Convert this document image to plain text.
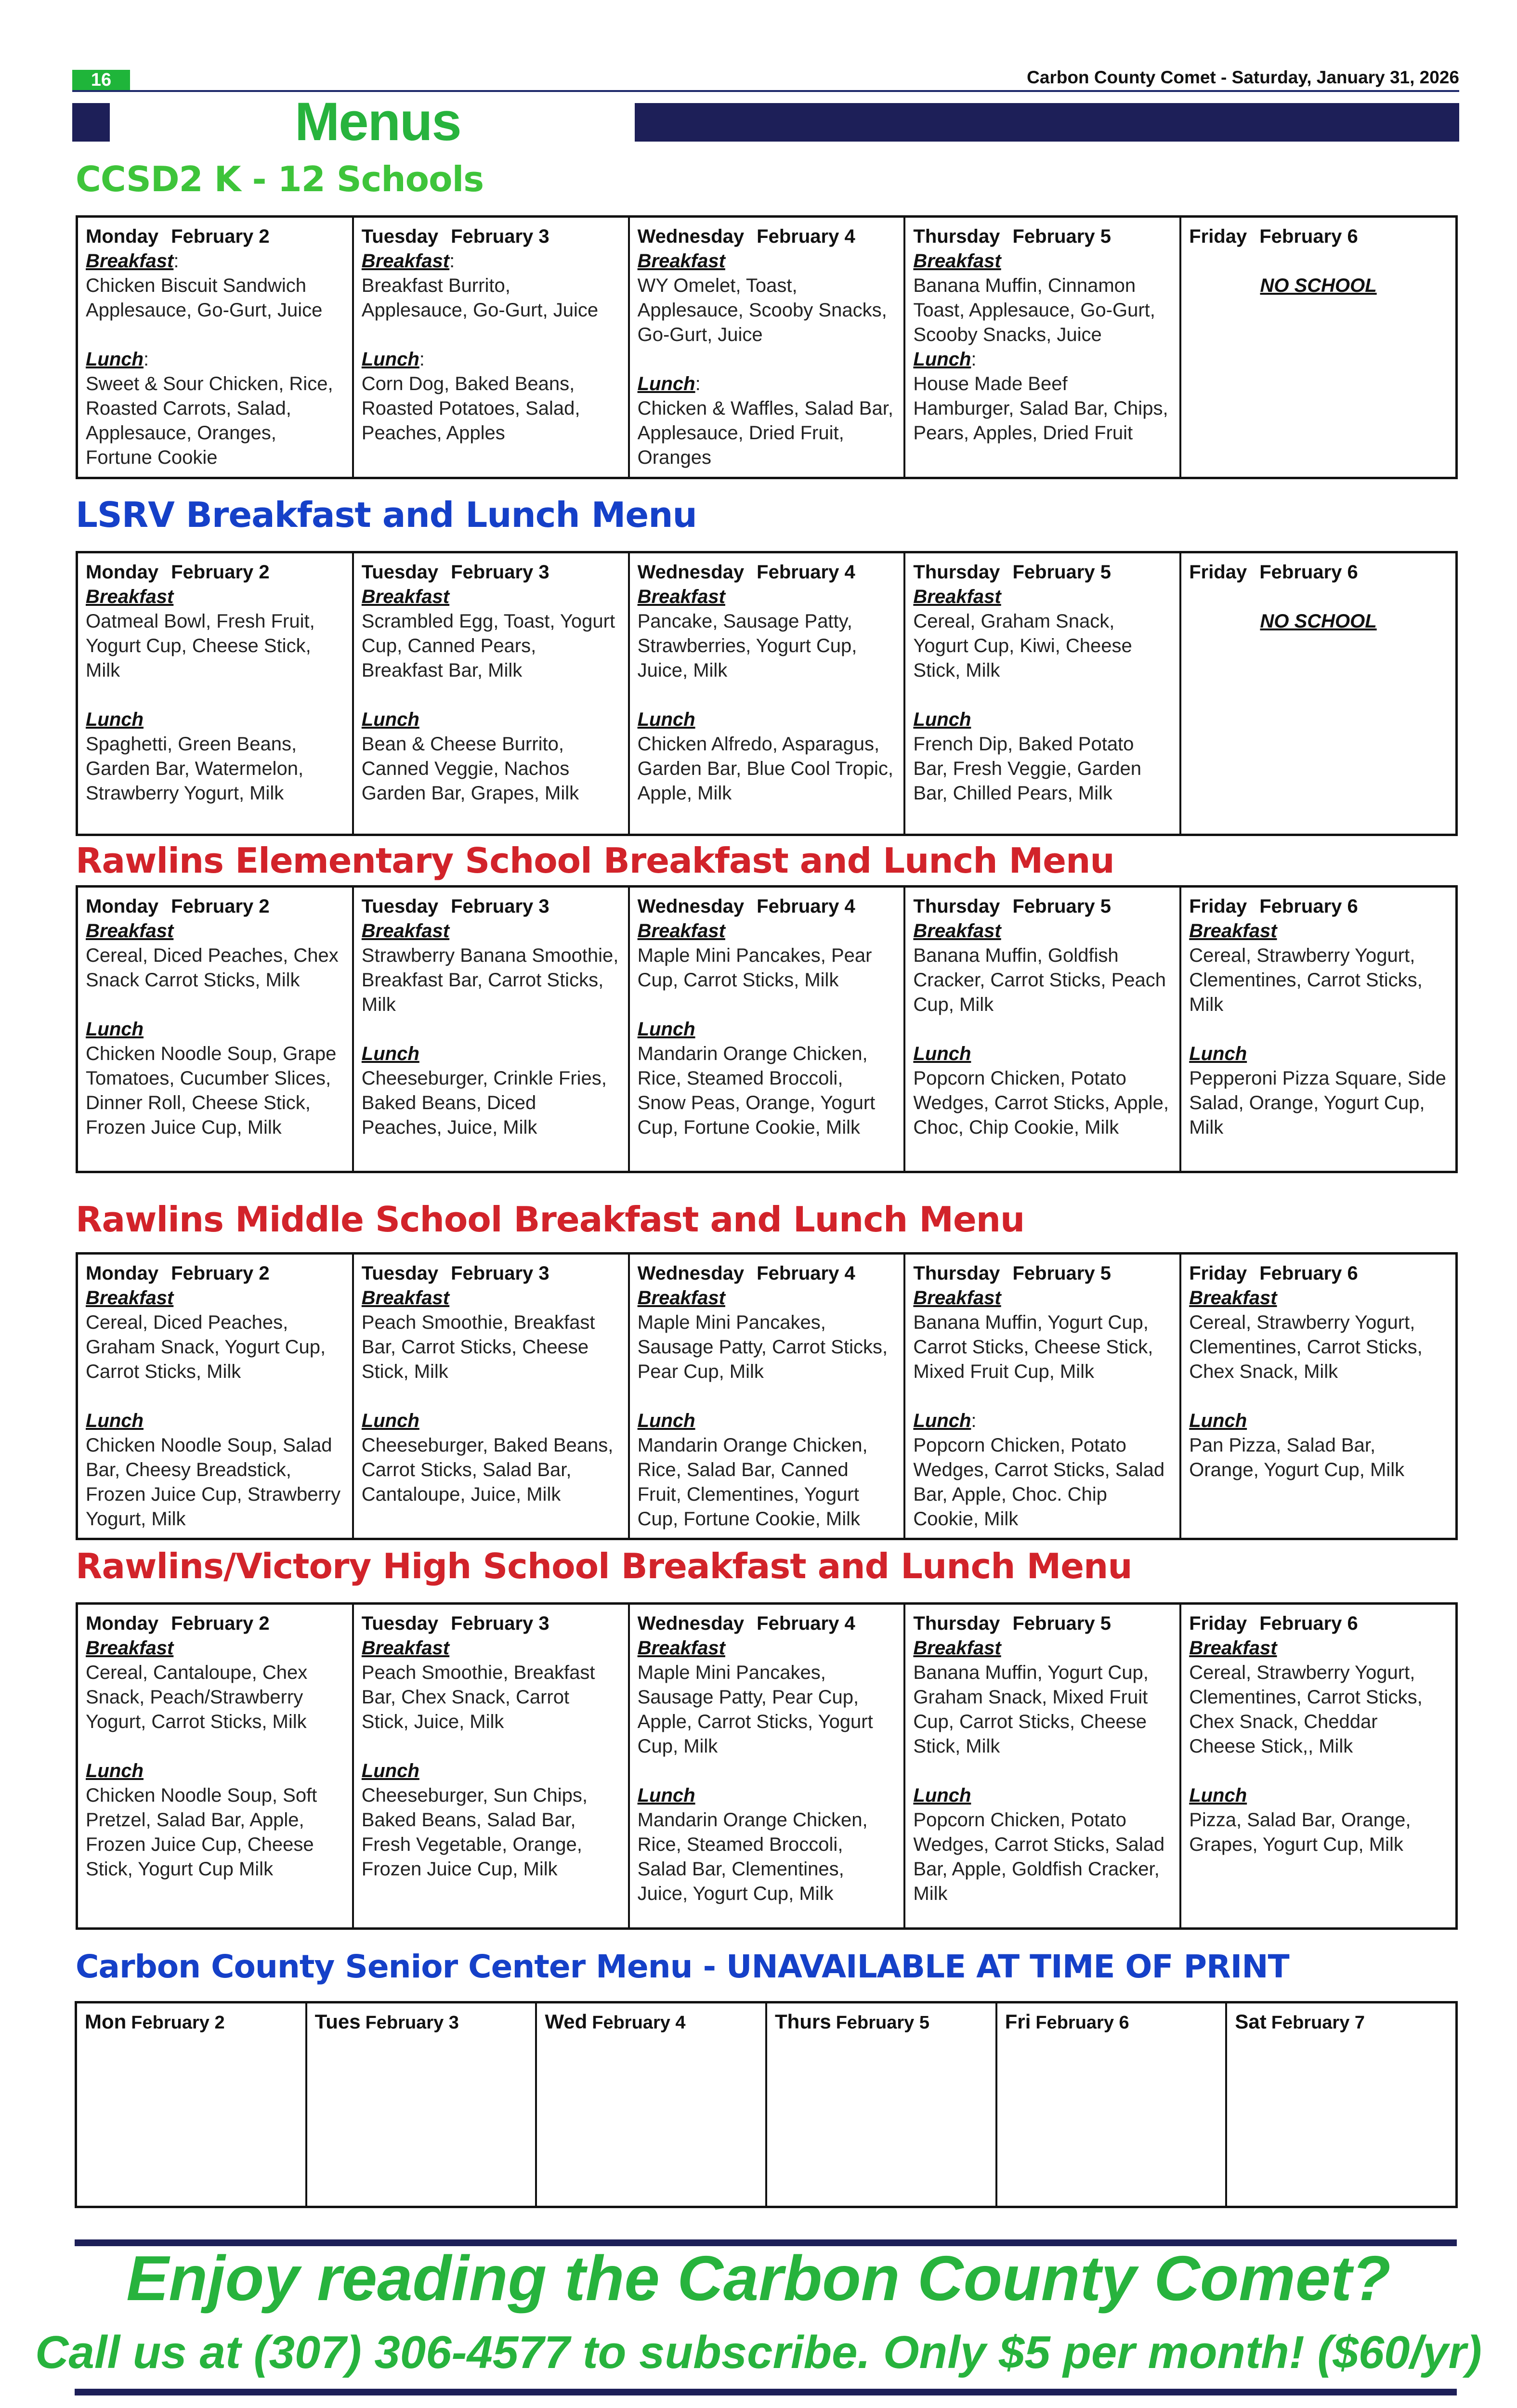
16	Carbon County Comet - Saturday, January 31, 2026
Menus
CCSD2 K - 12 Schools
Monday February 2
Breakfast:
Chicken Biscuit Sandwich Applesauce, Go-Gurt, Juice
Lunch:
Sweet & Sour Chicken, Rice, Roasted Carrots, Salad, Applesauce, Oranges, Fortune Cookie
Tuesday February 3
Breakfast:
Breakfast Burrito, Applesauce, Go-Gurt, Juice
Lunch:
Corn Dog, Baked Beans, Roasted Potatoes, Salad, Peaches, Apples
Wednesday February 4
Breakfast
WY Omelet, Toast, Applesauce, Scooby Snacks, Go-Gurt, Juice
Lunch:
Chicken & Waffles, Salad Bar, Applesauce, Dried Fruit, Oranges
Thursday February 5
Breakfast
Banana Muffin, Cinnamon Toast, Applesauce, Go-Gurt, Scooby Snacks, Juice
Lunch:
House Made Beef Hamburger, Salad Bar, Chips, Pears, Apples, Dried Fruit
Friday February 6
NO SCHOOL
LSRV Breakfast and Lunch Menu
Monday February 2
Breakfast
Oatmeal Bowl, Fresh Fruit, Yogurt Cup, Cheese Stick, Milk
Lunch
Spaghetti, Green Beans, Garden Bar, Watermelon, Strawberry Yogurt, Milk
Tuesday February 3
Breakfast
Scrambled Egg, Toast, Yogurt Cup, Canned Pears, Breakfast Bar, Milk
Lunch
Bean & Cheese Burrito, Canned Veggie, Nachos Garden Bar, Grapes, Milk
Wednesday February 4
Breakfast
Pancake, Sausage Patty, Strawberries, Yogurt Cup, Juice, Milk
Lunch
Chicken Alfredo, Asparagus, Garden Bar, Blue Cool Tropic, Apple, Milk
Thursday February 5
Breakfast
Cereal, Graham Snack, Yogurt Cup, Kiwi, Cheese Stick, Milk
Lunch
French Dip, Baked Potato Bar, Fresh Veggie, Garden Bar, Chilled Pears, Milk
Friday February 6
NO SCHOOL
Rawlins Elementary School Breakfast and Lunch Menu
Monday February 2
Breakfast
Cereal, Diced Peaches, Chex Snack Carrot Sticks, Milk
Lunch
Chicken Noodle Soup, Grape Tomatoes, Cucumber Slices, Dinner Roll, Cheese Stick, Frozen Juice Cup, Milk
Tuesday February 3
Breakfast
Strawberry Banana Smoothie, Breakfast Bar, Carrot Sticks, Milk
Lunch
Cheeseburger, Crinkle Fries, Baked Beans, Diced Peaches, Juice, Milk
Wednesday February 4
Breakfast
Maple Mini Pancakes, Pear Cup, Carrot Sticks, Milk
Lunch
Mandarin Orange Chicken, Rice, Steamed Broccoli, Snow Peas, Orange, Yogurt Cup, Fortune Cookie, Milk
Thursday February 5
Breakfast
Banana Muffin, Goldfish Cracker, Carrot Sticks, Peach Cup, Milk
Lunch
Popcorn Chicken, Potato Wedges, Carrot Sticks, Apple, Choc, Chip Cookie, Milk
Friday February 6
Breakfast
Cereal, Strawberry Yogurt, Clementines, Carrot Sticks, Milk
Lunch
Pepperoni Pizza Square, Side Salad, Orange, Yogurt Cup, Milk
Rawlins Middle School Breakfast and Lunch Menu
Monday February 2
Breakfast
Cereal, Diced Peaches, Graham Snack, Yogurt Cup, Carrot Sticks, Milk
Lunch
Chicken Noodle Soup, Salad Bar, Cheesy Breadstick, Frozen Juice Cup, Strawberry Yogurt, Milk
Tuesday February 3
Breakfast
Peach Smoothie, Breakfast Bar, Carrot Sticks, Cheese Stick, Milk
Lunch
Cheeseburger, Baked Beans, Carrot Sticks, Salad Bar, Cantaloupe, Juice, Milk
Wednesday February 4
Breakfast
Maple Mini Pancakes, Sausage Patty, Carrot Sticks, Pear Cup, Milk
Lunch
Mandarin Orange Chicken, Rice, Salad Bar, Canned Fruit, Clementines, Yogurt Cup, Fortune Cookie, Milk
Thursday February 5
Breakfast
Banana Muffin, Yogurt Cup, Carrot Sticks, Cheese Stick, Mixed Fruit Cup, Milk
Lunch:
Popcorn Chicken, Potato Wedges, Carrot Sticks, Salad Bar, Apple, Choc. Chip Cookie, Milk
Friday February 6
Breakfast
Cereal, Strawberry Yogurt, Clementines, Carrot Sticks, Chex Snack, Milk
Lunch
Pan Pizza, Salad Bar, Orange, Yogurt Cup, Milk
Rawlins/Victory High School Breakfast and Lunch Menu
Monday February 2
Breakfast
Cereal, Cantaloupe, Chex Snack, Peach/Strawberry Yogurt, Carrot Sticks, Milk
Lunch
Chicken Noodle Soup, Soft Pretzel, Salad Bar, Apple, Frozen Juice Cup, Cheese Stick, Yogurt Cup Milk
Tuesday February 3
Breakfast
Peach Smoothie, Breakfast Bar, Chex Snack, Carrot Stick, Juice, Milk
Lunch
Cheeseburger, Sun Chips, Baked Beans, Salad Bar, Fresh Vegetable, Orange, Frozen Juice Cup, Milk
Wednesday February 4
Breakfast
Maple Mini Pancakes, Sausage Patty, Pear Cup, Apple, Carrot Sticks, Yogurt Cup, Milk
Lunch
Mandarin Orange Chicken, Rice, Steamed Broccoli, Salad Bar, Clementines, Juice, Yogurt Cup, Milk
Thursday February 5
Breakfast
Banana Muffin, Yogurt Cup, Graham Snack, Mixed Fruit Cup, Carrot Sticks, Cheese Stick, Milk
Lunch
Popcorn Chicken, Potato Wedges, Carrot Sticks, Salad Bar, Apple, Goldfish Cracker, Milk
Friday February 6
Breakfast
Cereal, Strawberry Yogurt, Clementines, Carrot Sticks, Chex Snack, Cheddar Cheese Stick,, Milk
Lunch
Pizza, Salad Bar, Orange, Grapes, Yogurt Cup, Milk
Carbon County Senior Center Menu - UNAVAILABLE AT TIME OF PRINT
Mon February 2	Tues February 3	Wed February 4	Thurs February 5	Fri February 6	Sat February 7
Enjoy reading the Carbon County Comet?
Call us at (307) 306-4577 to subscribe. Only $5 per month! ($60/yr)
